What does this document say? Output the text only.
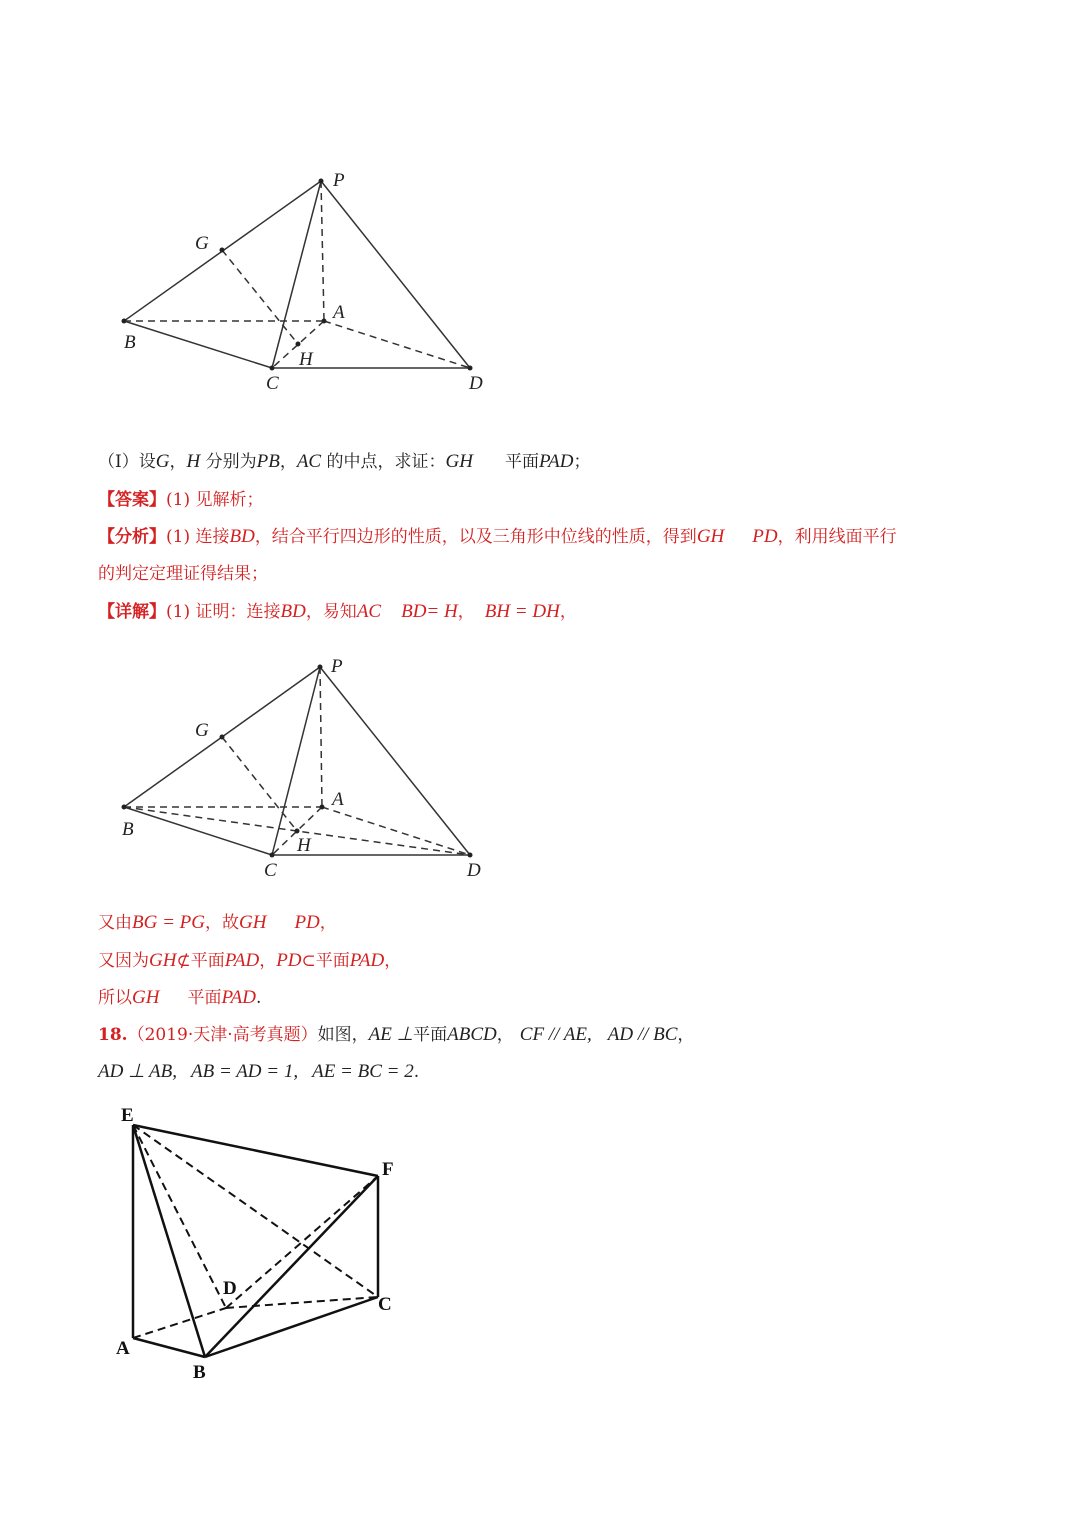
P
G
A
B
H
C	D
（Ⅰ）设G，H 分别为PB，AC 的中点，求证：GH 平面PAD；
【答案】(1) 见解析；
【分析】(1) 连接BD，结合平行四边形的性质，以及三角形中位线的性质，得到GH PD，利用线面平行
的判定定理证得结果；
【详解】(1) 证明：连接BD，易知AC BD= H， BH = DH，
P
G
A
B
H
C	D
又由BG = PG，故GH PD，
又因为GH⊄平面PAD，PD⊂平面PAD，
所以GH 平面PAD.
18.（2019·天津·高考真题）如图，AE ⊥平面ABCD， CF // AE, AD // BC，
AD ⊥ AB, AB = AD = 1, AE = BC = 2.
E
F
D
C
A
B
